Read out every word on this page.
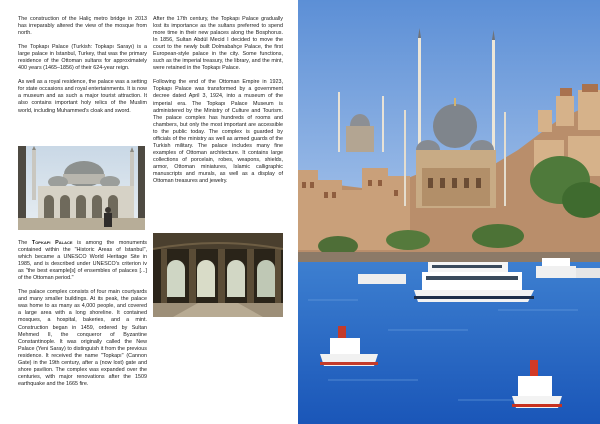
The construction of the Haliç metro bridge in 2013 has irreparably altered the view of the mosque from north.

The Topkapı Palace (Turkish: Topkapı Sarayı) is a large palace in Istanbul, Turkey, that was the primary residence of the Ottoman sultans for approximately 400 years (1465–1856) of their 624-year reign.

As well as a royal residence, the palace was a setting for state occasions and royal entertainments. It is now a museum and as such a major tourist attraction. It also contains important holy relics of the Muslim world, including Muhammed's cloak and sword.

The Topkapı Palace is among the monuments contained within the "Historic Areas of Istanbul", which became a UNESCO World Heritage Site in 1985, and is described under UNESCO's criterion iv as "the best example[s] of ensembles of palaces [...] of the Ottoman period."

The palace complex consists of four main courtyards and many smaller buildings. At its peak, the palace was home to as many as 4,000 people, and covered a large area with a long shoreline. It contained mosques, a hospital, bakeries, and a mint. Construction began in 1459, ordered by Sultan Mehmed II, the conqueror of Byzantine Constantinople. It was originally called the New Palace (Yeni Saray) to distinguish it from the previous residence. It received the name "Topkapı" (Cannon Gate) in the 19th century, after a (now lost) gate and shore pavilion. The complex was expanded over the centuries, with major renovations after the 1509 earthquake and the 1665 fire.

After the 17th century, the Topkapı Palace gradually lost its importance as the sultans preferred to spend more time in their new palaces along the Bosphorus. In 1856, Sultan Abdül Mecid I decided to move the court to the newly built Dolmabahçe Palace, the first European-style palace in the city. Some functions, such as the imperial treasury, the library, and the mint, were retained in the Topkapı Palace.

Following the end of the Ottoman Empire in 1923, Topkapı Palace was transformed by a government decree dated April 3, 1924, into a museum of the imperial era. The Topkapı Palace Museum is administered by the Ministry of Culture and Tourism. The palace complex has hundreds of rooms and chambers, but only the most important are accessible to the public today. The complex is guarded by officials of the ministry as well as armed guards of the Turkish military. The palace includes many fine examples of Ottoman architecture. It contains large collections of porcelain, robes, weapons, shields, armor, Ottoman miniatures, Islamic calligraphic manuscripts and murals, as well as a display of Ottoman treasures and jewelry.
